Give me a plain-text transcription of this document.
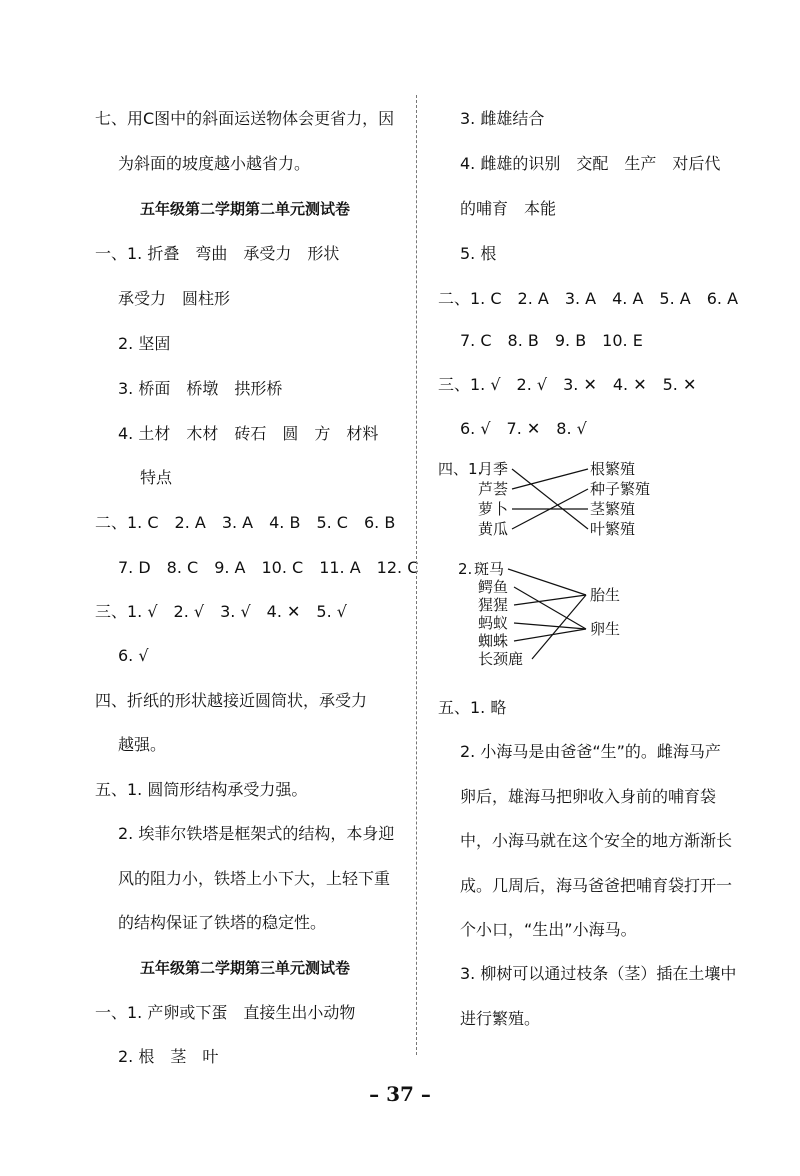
七、用C图中的斜面运送物体会更省力，因
为斜面的坡度越小越省力。
五年级第二学期第二单元测试卷
一、1. 折叠　弯曲　承受力　形状
承受力　圆柱形
2. 坚固
3. 桥面　桥墩　拱形桥
4. 土材　木材　砖石　圆　方　材料
特点
二、1. C　2. A　3. A　4. B　5. C　6. B
7. D　8. C　9. A　10. C　11. A　12. C
三、1. √　2. √　3. √　4. ✕　5. √
6. √
四、折纸的形状越接近圆筒状，承受力
越强。
五、1. 圆筒形结构承受力强。
2. 埃菲尔铁塔是框架式的结构，本身迎
风的阻力小，铁塔上小下大，上轻下重
的结构保证了铁塔的稳定性。
五年级第二学期第三单元测试卷
一、1. 产卵或下蛋　直接生出小动物
2. 根　茎　叶
3. 雌雄结合
4. 雌雄的识别　交配　生产　对后代
的哺育　本能
5. 根
二、1. C　2. A　3. A　4. A　5. A　6. A
7. C　8. B　9. B　10. E
三、1. √　2. √　3. ✕　4. ✕　5. ✕
6. √　7. ✕　8. √
四、1.
月季
芦荟
萝卜
黄瓜
根繁殖
种子繁殖
茎繁殖
叶繁殖
2. 斑马
鳄鱼
猩猩
蚂蚁
蜘蛛
长颈鹿
胎生
卵生
五、1. 略
2. 小海马是由爸爸“生”的。雌海马产
卵后，雄海马把卵收入身前的哺育袋
中，小海马就在这个安全的地方渐渐长
成。几周后，海马爸爸把哺育袋打开一
个小口，“生出”小海马。
3. 柳树可以通过枝条（茎）插在土壤中
进行繁殖。
– 37 –
